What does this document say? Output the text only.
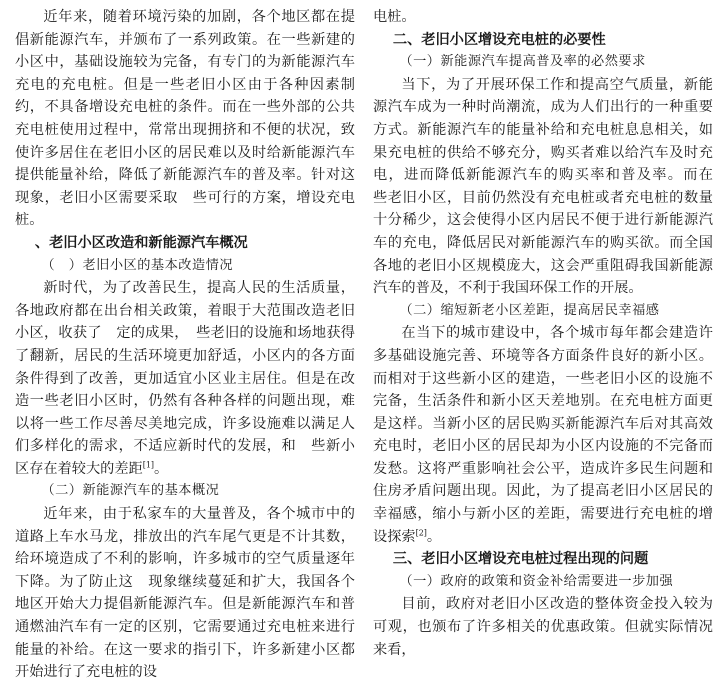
近年来，随着环境污染的加剧，各个地区都在提倡新能源汽车，并颁布了一系列政策。在一些新建的小区中，基础设施较为完备，有专门的为新能源汽车充电的充电桩。但是一些老旧小区由于各种因素制约，不具备增设充电桩的条件。而在一些外部的公共充电桩使用过程中，常常出现拥挤和不便的状况，致使许多居住在老旧小区的居民难以及时给新能源汽车提供能量补给，降低了新能源汽车的普及率。针对这　现象，老旧小区需要采取　些可行的方案，增设充电桩。

、老旧小区改造和新能源汽车概况
（　）老旧小区的基本改造情况

新时代，为了改善民生，提高人民的生活质量，各地政府都在出台相关政策，着眼于大范围改造老旧小区，收获了　定的成果，　些老旧的设施和场地获得了翻新，居民的生活环境更加舒适，小区内的各方面条件得到了改善，更加适宜小区业主居住。但是在改造一些老旧小区时，仍然有各种各样的问题出现，难以将一些工作尽善尽美地完成，许多设施难以满足人们多样化的需求，不适应新时代的发展，和　些新小区存在着较大的差距[1]。

（二）新能源汽车的基本概况

近年来，由于私家车的大量普及，各个城市中的道路上车水马龙，排放出的汽车尾气更是不计其数，给环境造成了不利的影响，许多城市的空气质量逐年下降。为了防止这　现象继续蔓延和扩大，我国各个地区开始大力提倡新能源汽车。但是新能源汽车和普通燃油汽车有一定的区别，它需要通过充电桩来进行能量的补给。在这一要求的指引下，许多新建小区都开始进行了充电桩的设

电桩。

二、老旧小区增设充电桩的必要性
（一）新能源汽车提高普及率的必然要求

当下，为了开展环保工作和提高空气质量，新能源汽车成为一种时尚潮流，成为人们出行的一种重要方式。新能源汽车的能量补给和充电桩息息相关，如果充电桩的供给不够充分，购买者难以给汽车及时充电，进而降低新能源汽车的购买率和普及率。而在　些老旧小区，目前仍然没有充电桩或者充电桩的数量十分稀少，这会使得小区内居民不便于进行新能源汽车的充电，降低居民对新能源汽车的购买欲。而全国各地的老旧小区规模庞大，这会严重阻碍我国新能源汽车的普及，不利于我国环保工作的开展。

（二）缩短新老小区差距，提高居民幸福感

在当下的城市建设中，各个城市每年都会建造许多基础设施完善、环境等各方面条件良好的新小区。而相对于这些新小区的建造，一些老旧小区的设施不完备，生活条件和新小区天差地别。在充电桩方面更是这样。当新小区的居民购买新能源汽车后对其高效充电时，老旧小区的居民却为小区内设施的不完备而发愁。这将严重影响社会公平，造成许多民生问题和住房矛盾问题出现。因此，为了提高老旧小区居民的幸福感，缩小与新小区的差距，需要进行充电桩的增设探索[2]。

三、老旧小区增设充电桩过程出现的问题
（一）政府的政策和资金补给需要进一步加强

目前，政府对老旧小区改造的整体资金投入较为可观，也颁布了许多相关的优惠政策。但就实际情况来看，
